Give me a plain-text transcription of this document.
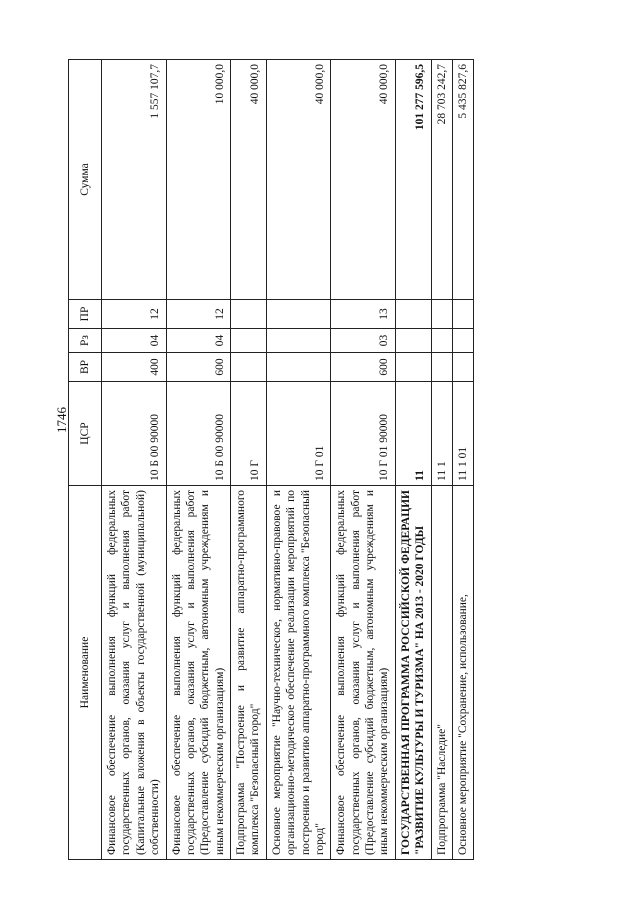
1746
Наименование	ЦСР	ВР	Рз	ПР	Сумма
Финансовое обеспечение выполнения функций федеральных государственных органов, оказания услуг и выполнения работ (Капитальные вложения в объекты государственной (муниципальной) собственности)	10 Б 00 90000	400	04	12	1 557 107,7
Финансовое обеспечение выполнения функций федеральных государственных органов, оказания услуг и выполнения работ (Предоставление субсидий бюджетным, автономным учреждениям и иным некоммерческим организациям)	10 Б 00 90000	600	04	12	10 000,0
Подпрограмма "Построение и развитие аппаратно-программного комплекса "Безопасный город"	10 Г				40 000,0
Основное мероприятие "Научно-техническое, нормативно-правовое и организационно-методическое обеспечение реализации мероприятий по построению и развитию аппаратно-программного комплекса "Безопасный город"	10 Г 01				40 000,0
Финансовое обеспечение выполнения функций федеральных государственных органов, оказания услуг и выполнения работ (Предоставление субсидий бюджетным, автономным учреждениям и иным некоммерческим организациям)	10 Г 01 90000	600	03	13	40 000,0
ГОСУДАРСТВЕННАЯ ПРОГРАММА РОССИЙСКОЙ ФЕДЕРАЦИИ "РАЗВИТИЕ КУЛЬТУРЫ И ТУРИЗМА" НА 2013 - 2020 ГОДЫ	11				101 277 596,5
Подпрограмма "Наследие"	11 1				28 703 242,7
Основное мероприятие "Сохранение, использование,	11 1 01				5 435 827,6
